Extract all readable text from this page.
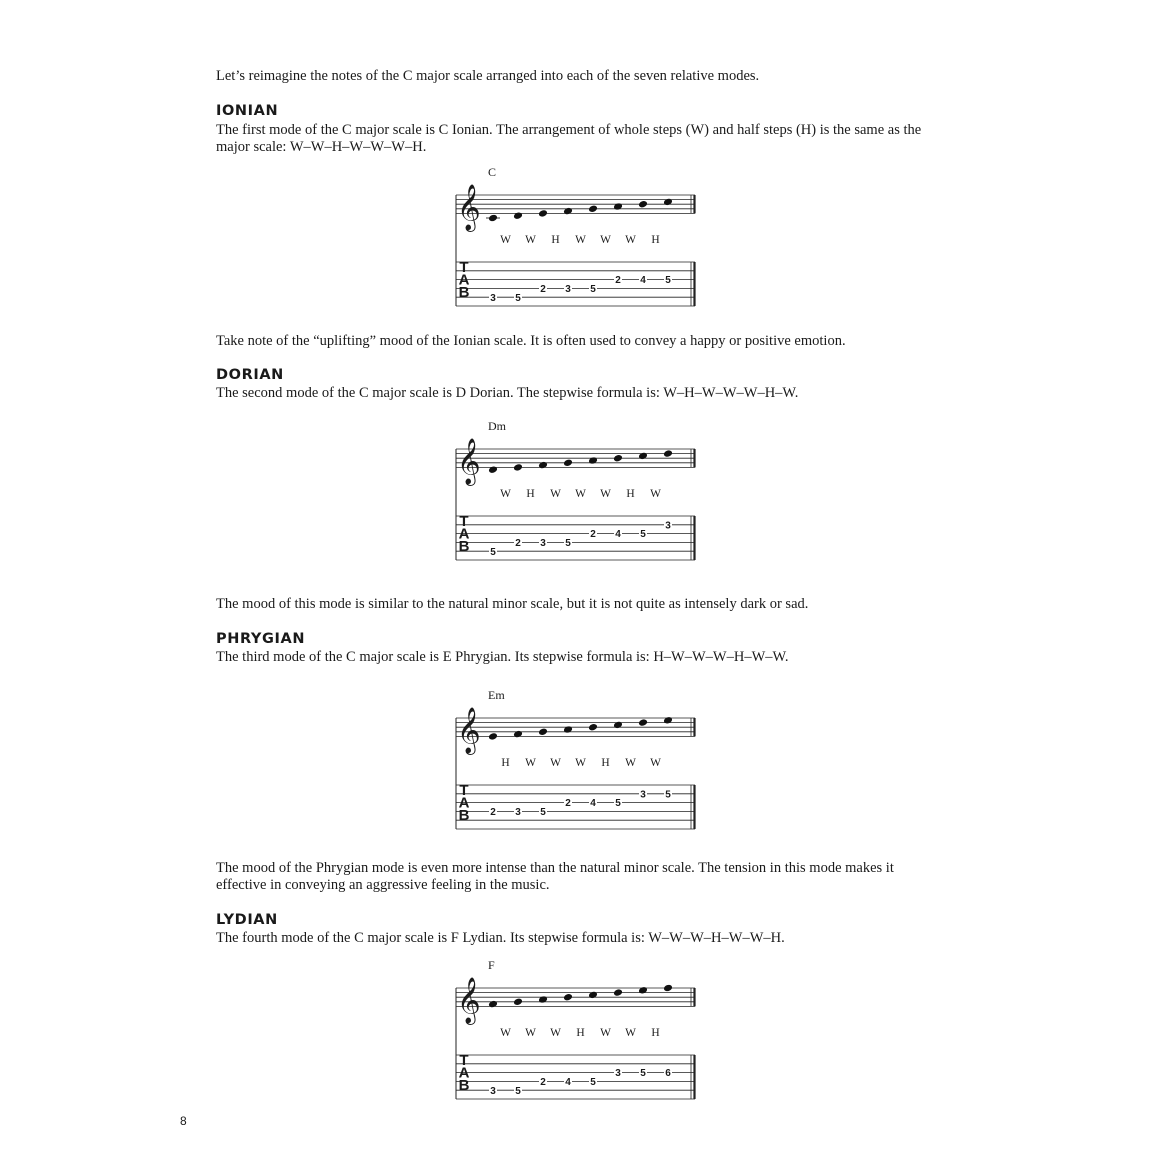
Let’s reimagine the notes of the C major scale arranged into each of the seven relative modes.

IONIAN

The first mode of the C major scale is C Ionian. The arrangement of whole steps (W) and half steps (H) is the same as the major scale: W–W–H–W–W–W–H.

C
𝄞
W W H W W W H
T
A
B 3 5
2 3 5
2 4 5

Take note of the “uplifting” mood of the Ionian scale. It is often used to convey a happy or positive emotion.

DORIAN

The second mode of the C major scale is D Dorian. The stepwise formula is: W–H–W–W–W–H–W.

Dm
𝄞
W H W W W H W
T
A
B 5
2 3 5
2 4 5
3

The mood of this mode is similar to the natural minor scale, but it is not quite as intensely dark or sad.

PHRYGIAN

The third mode of the C major scale is E Phrygian. Its stepwise formula is: H–W–W–W–H–W–W.

Em
𝄞
H W W W H W W
T
A
B 2 3 5
2 4 5
3 5

The mood of the Phrygian mode is even more intense than the natural minor scale. The tension in this mode makes it effective in conveying an aggressive feeling in the music.

LYDIAN

The fourth mode of the C major scale is F Lydian. Its stepwise formula is: W–W–W–H–W–W–H.

F
𝄞
W W W H W W H
T
A
B 3 5
2 4 5
3 5 6
8
